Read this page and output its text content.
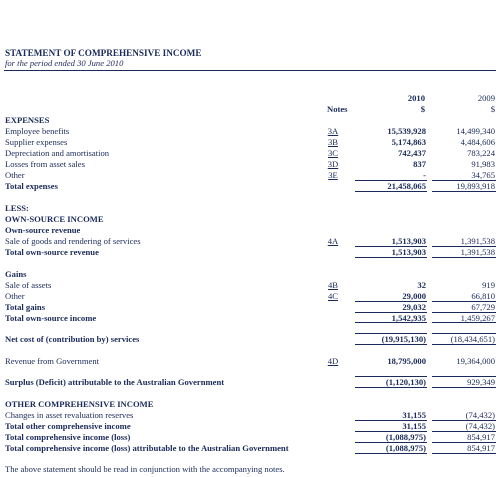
STATEMENT OF COMPREHENSIVE INCOME
for the period ended 30 June 2010
Notes
2010	2009
$	$
EXPENSES
Employee benefits	3A	15,539,928	14,499,340
Supplier expenses	3B	5,174,863	4,484,606
Depreciation and amortisation	3C	742,437	783,224
Losses from asset sales	3D	837	91,983
Other	3E	-	34,765
Total expenses	21,458,065	19,893,918
LESS:
OWN-SOURCE INCOME
Own-source revenue
Sale of goods and rendering of services	4A	1,513,903	1,391,538
Total own-source revenue	1,513,903	1,391,538
Gains
Sale of assets	4B	32	919
Other	4C	29,000	66,810
Total gains	29,032	67,729
Total own-source income	1,542,935	1,459,267
Net cost of (contribution by) services	(19,915,130)	(18,434,651)
Revenue from Government	4D	18,795,000	19,364,000
Surplus (Deficit) attributable to the Australian Government	(1,120,130)	929,349
OTHER COMPREHENSIVE INCOME
Changes in asset revaluation reserves	31,155	(74,432)
Total other comprehensive income	31,155	(74,432)
Total comprehensive income (loss)	(1,088,975)	854,917
Total comprehensive income (loss) attributable to the Australian Government	(1,088,975)	854,917
The above statement should be read in conjunction with the accompanying notes.
